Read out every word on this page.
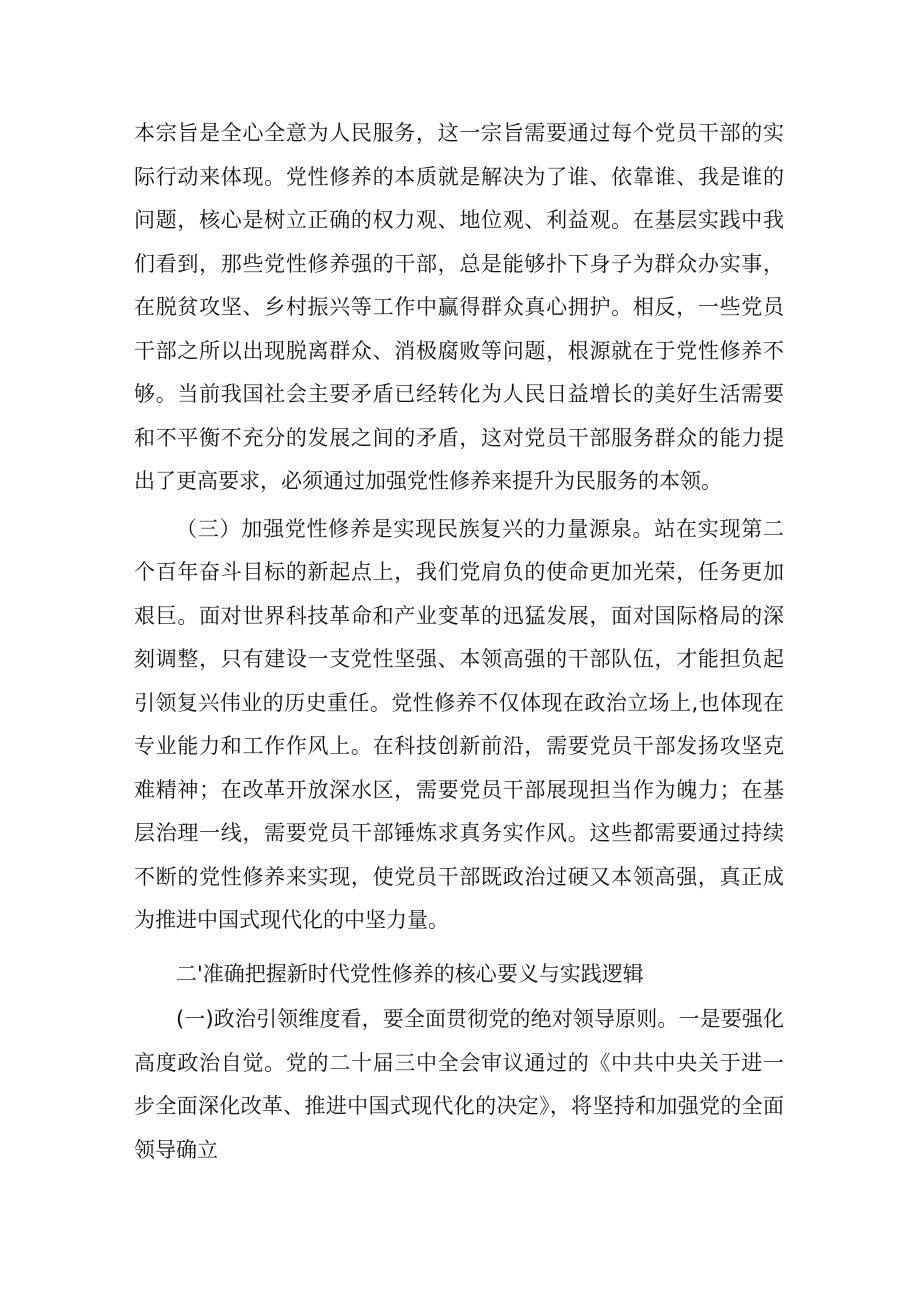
本宗旨是全心全意为人民服务，这一宗旨需要通过每个党员干部的实际行动来体现。党性修养的本质就是解决为了谁、依靠谁、我是谁的问题，核心是树立正确的权力观、地位观、利益观。在基层实践中我们看到，那些党性修养强的干部，总是能够扑下身子为群众办实事，在脱贫攻坚、乡村振兴等工作中赢得群众真心拥护。相反，一些党员干部之所以出现脱离群众、消极腐败等问题，根源就在于党性修养不够。当前我国社会主要矛盾已经转化为人民日益增长的美好生活需要和不平衡不充分的发展之间的矛盾，这对党员干部服务群众的能力提出了更高要求，必须通过加强党性修养来提升为民服务的本领。

（三）加强党性修养是实现民族复兴的力量源泉。站在实现第二个百年奋斗目标的新起点上，我们党肩负的使命更加光荣，任务更加艰巨。面对世界科技革命和产业变革的迅猛发展，面对国际格局的深刻调整，只有建设一支党性坚强、本领高强的干部队伍，才能担负起引领复兴伟业的历史重任。党性修养不仅体现在政治立场上,也体现在专业能力和工作作风上。在科技创新前沿，需要党员干部发扬攻坚克难精神；在改革开放深水区，需要党员干部展现担当作为魄力；在基层治理一线，需要党员干部锤炼求真务实作风。这些都需要通过持续不断的党性修养来实现，使党员干部既政治过硬又本领高强，真正成为推进中国式现代化的中坚力量。

二'准确把握新时代党性修养的核心要义与实践逻辑

(一)政治引领维度看，要全面贯彻党的绝对领导原则。一是要强化高度政治自觉。党的二十届三中全会审议通过的《中共中央关于进一步全面深化改革、推进中国式现代化的决定》，将坚持和加强党的全面领导确立
